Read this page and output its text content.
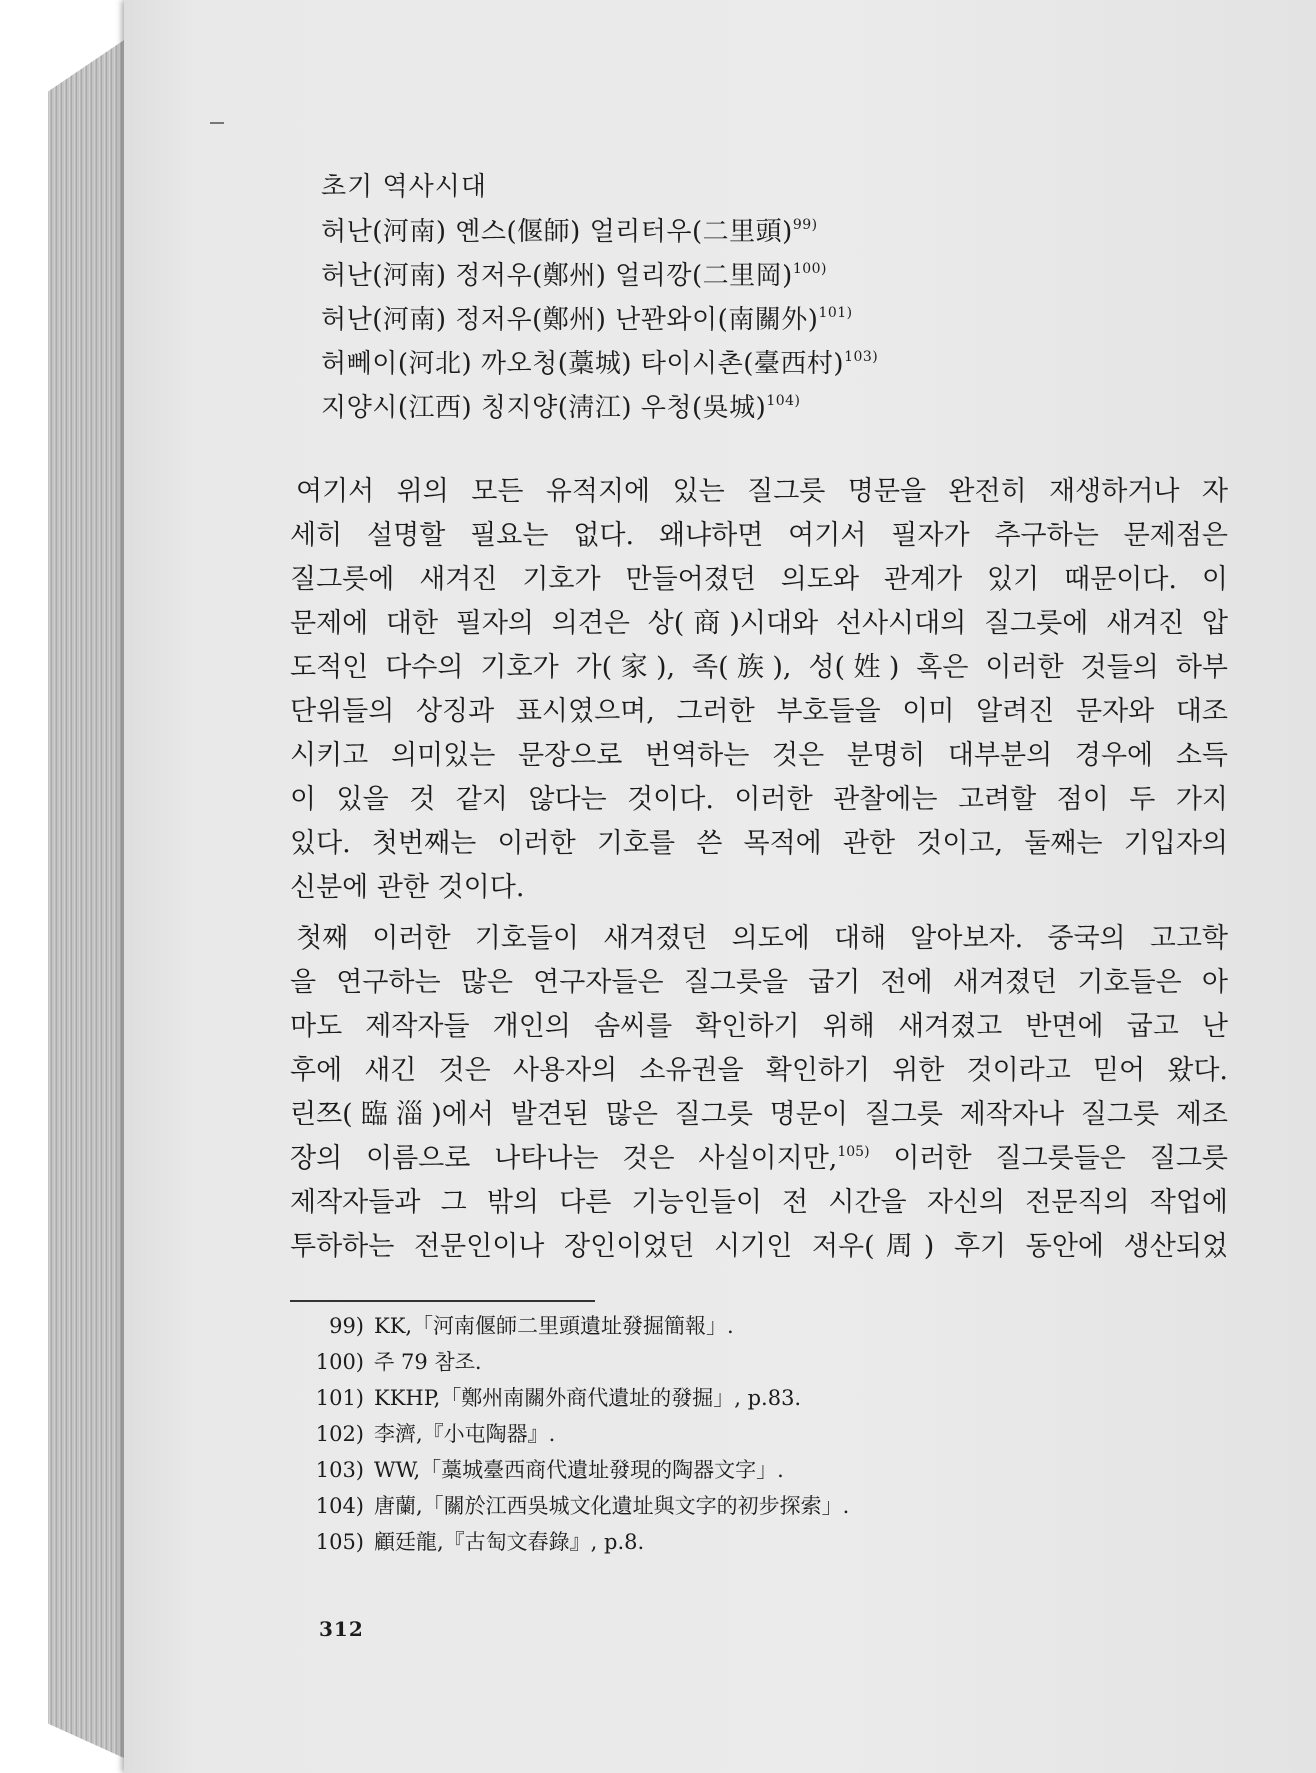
초기 역사시대
허난(河南) 옌스(偃師) 얼리터우(二里頭)$^{99)}$
허난(河南) 정저우(鄭州) 얼리깡(二里岡)$^{100)}$
허난(河南) 정저우(鄭州) 난꽌와이(南關外)$^{101)}$
허뻬이(河北) 까오청(藁城) 타이시촌(臺西村)$^{103)}$
지양시(江西) 칭지양(淸江) 우청(吳城)$^{104)}$
여기서 위의 모든 유적지에 있는 질그릇 명문을 완전히 재생하거나 자
세히 설명할 필요는 없다. 왜냐하면 여기서 필자가 추구하는 문제점은
질그릇에 새겨진 기호가 만들어졌던 의도와 관계가 있기 때문이다. 이
문제에 대한 필자의 의견은 상(商)시대와 선사시대의 질그릇에 새겨진 압
도적인 다수의 기호가 가(家), 족(族), 성(姓) 혹은 이러한 것들의 하부
단위들의 상징과 표시였으며, 그러한 부호들을 이미 알려진 문자와 대조
시키고 의미있는 문장으로 번역하는 것은 분명히 대부분의 경우에 소득
이 있을 것 같지 않다는 것이다. 이러한 관찰에는 고려할 점이 두 가지
있다. 첫번째는 이러한 기호를 쓴 목적에 관한 것이고, 둘째는 기입자의
신분에 관한 것이다.
첫째 이러한 기호들이 새겨졌던 의도에 대해 알아보자. 중국의 고고학
을 연구하는 많은 연구자들은 질그릇을 굽기 전에 새겨졌던 기호들은 아
마도 제작자들 개인의 솜씨를 확인하기 위해 새겨졌고 반면에 굽고 난
후에 새긴 것은 사용자의 소유권을 확인하기 위한 것이라고 믿어 왔다.
린쯔(臨淄)에서 발견된 많은 질그릇 명문이 질그릇 제작자나 질그릇 제조
장의 이름으로 나타나는 것은 사실이지만,$^{105)}$ 이러한 질그릇들은 질그릇
제작자들과 그 밖의 다른 기능인들이 전 시간을 자신의 전문직의 작업에
투하하는 전문인이나 장인이었던 시기인 저우(周) 후기 동안에 생산되었
99) KK,「河南偃師二里頭遺址發掘簡報」.
100) 주 79 참조.
101) KKHP,「鄭州南關外商代遺址的發掘」, p.83.
102) 李濟,『小屯陶器』.
103) WW,「藁城臺西商代遺址發現的陶器文字」.
104) 唐蘭,「關於江西吳城文化遺址與文字的初步探索」.
105) 顧廷龍,『古匋文舂錄』, p.8.
312
